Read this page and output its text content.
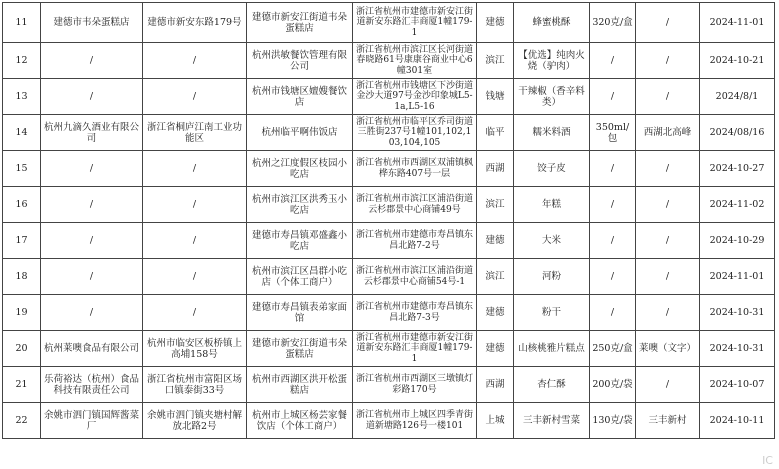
11	建德市韦朵蛋糕店	建德市新安东路179号	建德市新安江街道韦朵蛋糕店	浙江省杭州市建德市新安江街道新安东路汇丰商厦1幢179-1	建德	蜂蜜桃酥	320克/盒	/	2024-11-01
12	/	/	杭州洪敏餐饮管理有限公司	浙江省杭州市滨江区长河街道春晓路61号康康谷商业中心6幢301室	滨江	【优选】纯肉火烧（驴肉）	/	/	2024-10-21
13	/	/	杭州市钱塘区嬗嫂餐饮店	浙江省杭州市钱塘区下沙街道金沙大道97号金沙印象城L5-1a,L5-16	钱塘	干辣椒（香辛料类）	/	/	2024/8/1
14	杭州九滴久酒业有限公司	浙江省桐庐江南工业功能区	杭州临平啊伟饭店	浙江省杭州市临平区乔司街道三胜街237号1幢101,102,103,104,105	临平	糯米料酒	350ml/包	西湖北高峰	2024/08/16
15	/	/	杭州之江度假区枝园小吃店	浙江省杭州市西湖区双浦镇枫桦东路407号一层	西湖	饺子皮	/	/	2024-10-27
16	/	/	杭州市滨江区洪秀玉小吃店	浙江省杭州市滨江区浦沿街道云杉郡景中心商铺49号	滨江	年糕	/	/	2024-11-02
17	/	/	建德市寿昌镇邓盛鑫小吃店	浙江省杭州市建德市寿昌镇东昌北路7-2号	建德	大米	/	/	2024-10-29
18	/	/	杭州市滨江区昌群小吃店（个体工商户）	浙江省杭州市滨江区浦沿街道云杉郡景中心商铺54号-1	滨江	河粉	/	/	2024-11-01
19	/	/	建德市寿昌镇表弟家面馆	浙江省杭州市建德市寿昌镇东昌北路7-3号	建德	粉干	/	/	2024-10-31
20	杭州莱噢食品有限公司	杭州市临安区板桥镇上高埔158号	建德市新安江街道韦朵蛋糕店	浙江省杭州市建德市新安江街道新安东路汇丰商厦1幢179-1	建德	山核桃雅片糕点	250克/盒	莱噢（文字）	2024-10-31
21	乐荷裕达（杭州）食品科技有限责任公司	浙江省杭州市富阳区场口镇泰街33号	杭州市西湖区洪开松蛋糕店	浙江省杭州市西湖区三墩镇灯彩路170号	西湖	杏仁酥	200克/袋	/	2024-10-07
22	余姚市泗门镇国辉酱菜厂	余姚市泗门镇夹塘村解放北路2号	杭州市上城区杨芸家餐饮店（个体工商户）	浙江省杭州市上城区四季青街道新塘路126号一楼101	上城	三丰新村雪菜	130克/袋	三丰新村	2024-10-11
IC
